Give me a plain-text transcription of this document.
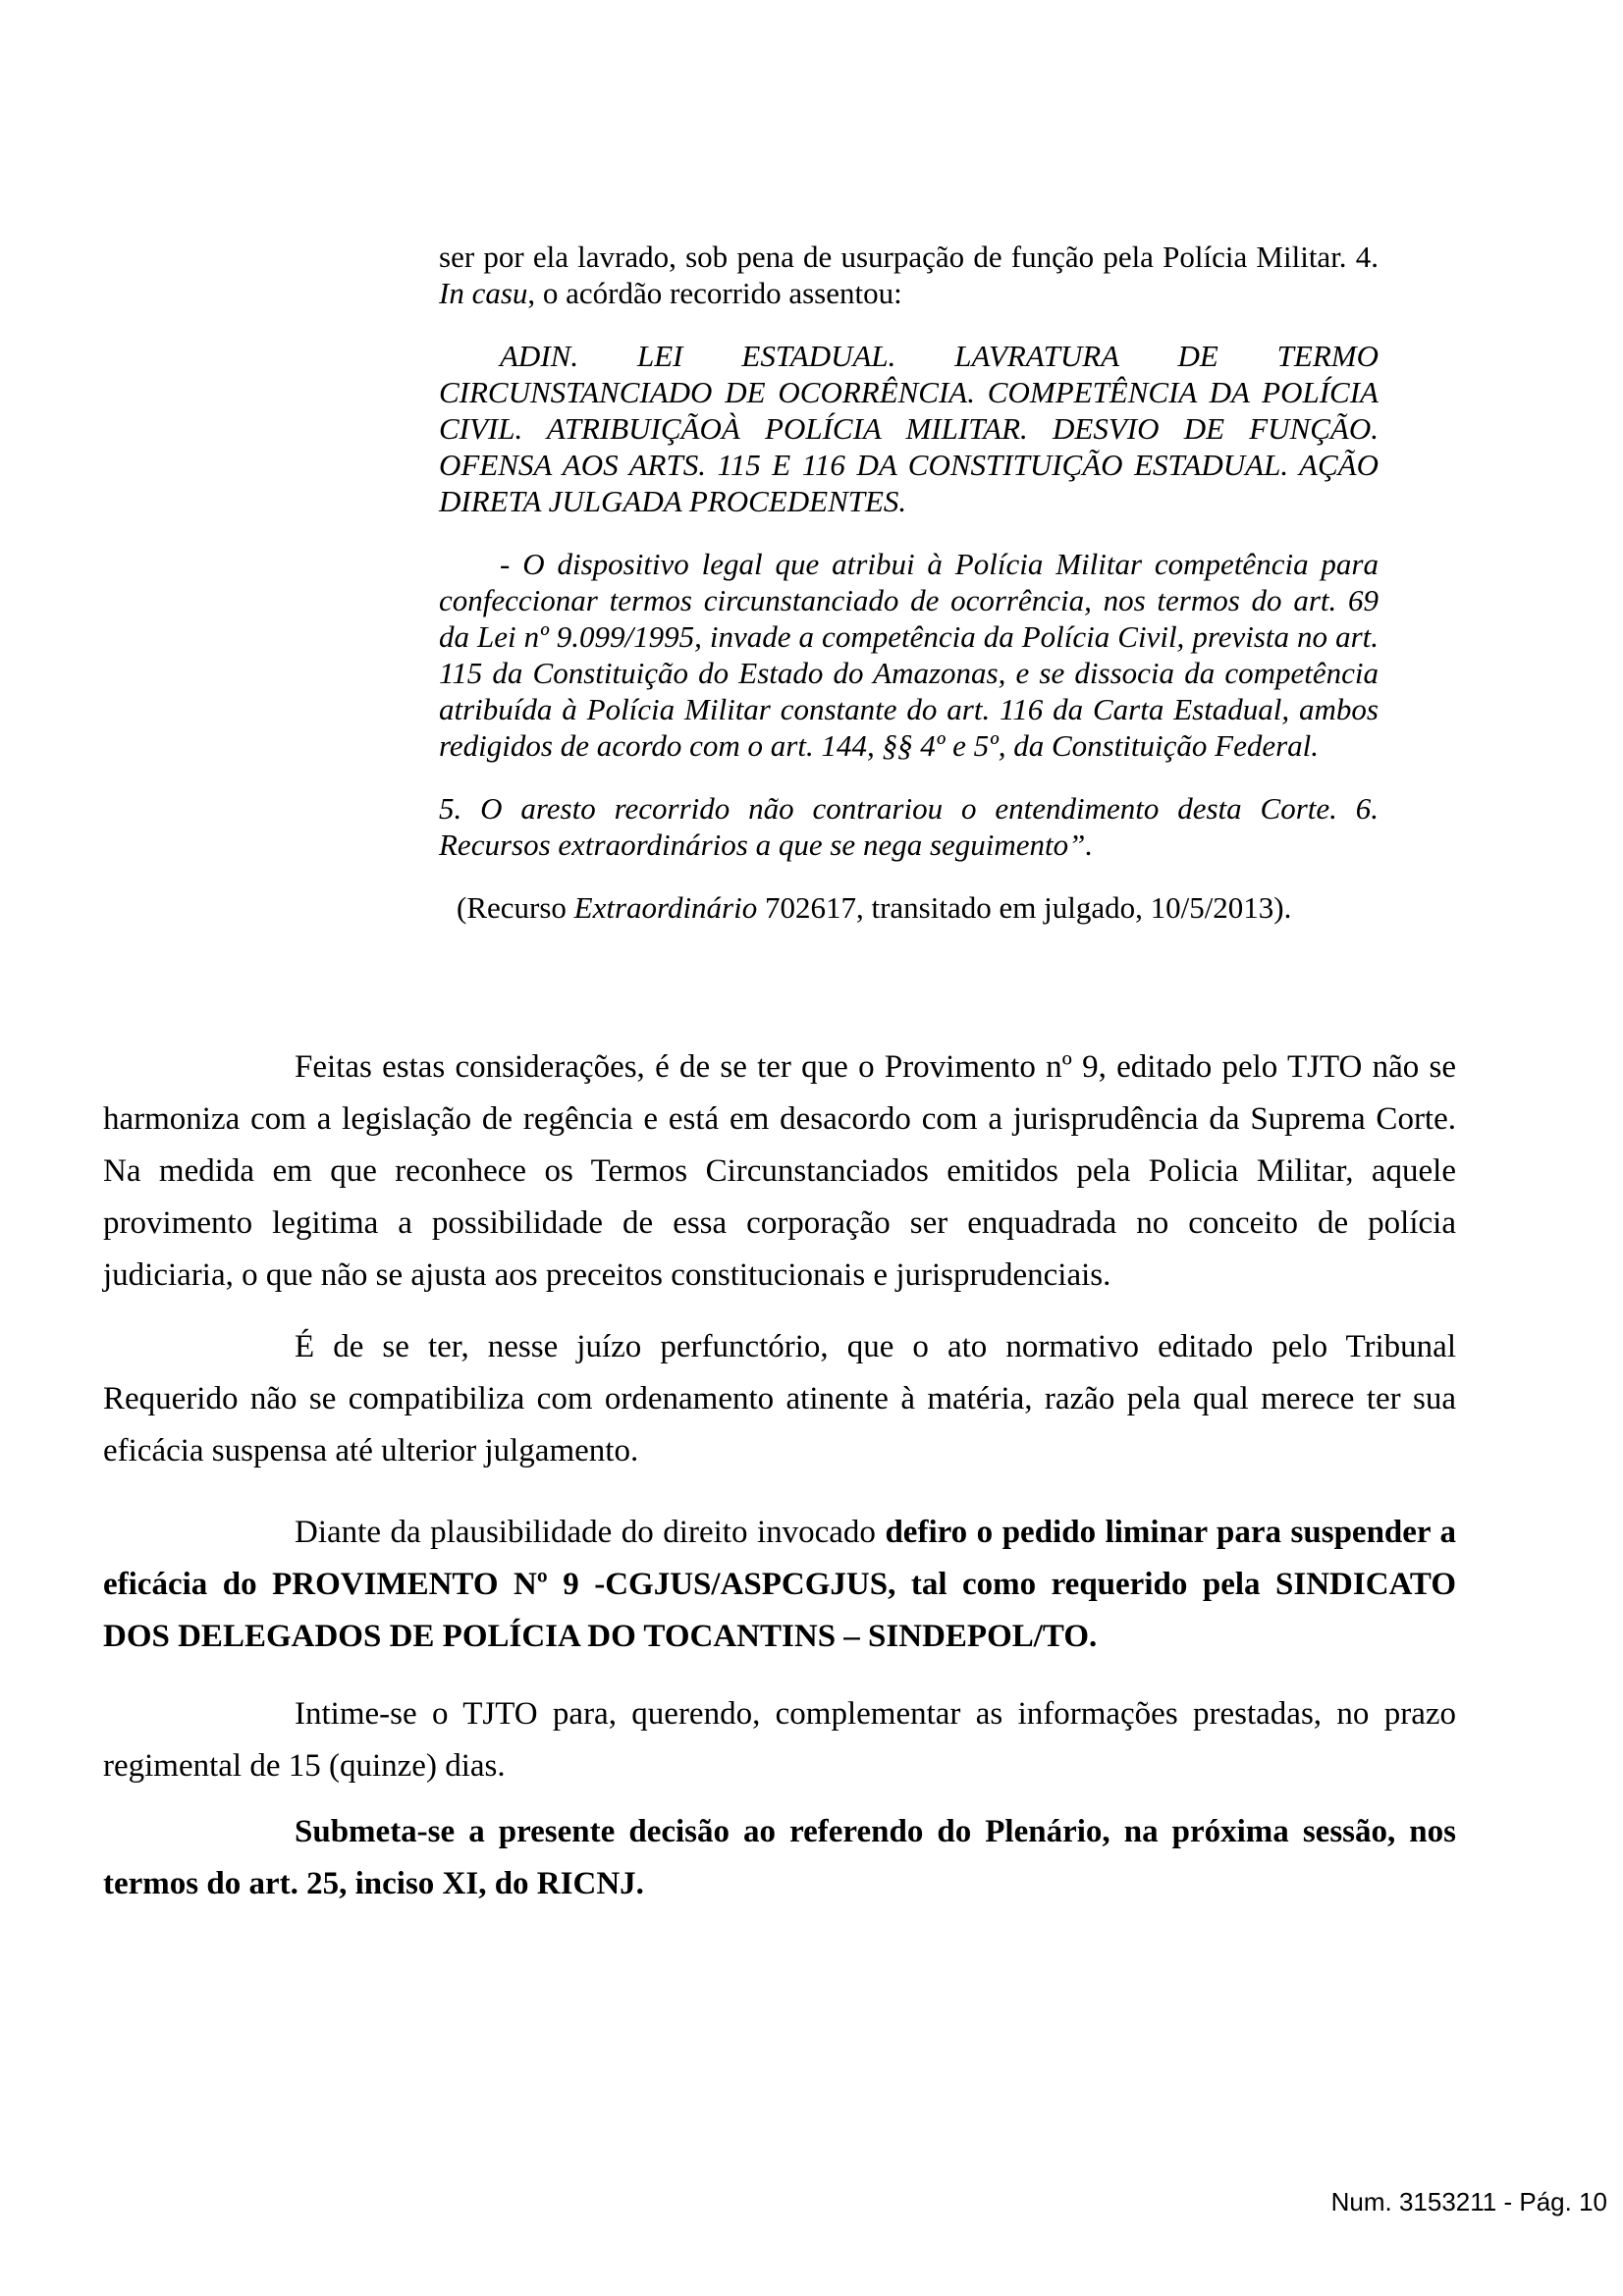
ser por ela lavrado, sob pena de usurpação de função pela Polícia Militar. 4. In casu, o acórdão recorrido assentou:

ADIN. LEI ESTADUAL. LAVRATURA DE TERMO CIRCUNSTANCIADO DE OCORRÊNCIA. COMPETÊNCIA DA POLÍCIA CIVIL. ATRIBUIÇÃOÀ POLÍCIA MILITAR. DESVIO DE FUNÇÃO. OFENSA AOS ARTS. 115 E 116 DA CONSTITUIÇÃO ESTADUAL. AÇÃO DIRETA JULGADA PROCEDENTES.

- O dispositivo legal que atribui à Polícia Militar competência para confeccionar termos circunstanciado de ocorrência, nos termos do art. 69 da Lei nº 9.099/1995, invade a competência da Polícia Civil, prevista no art. 115 da Constituição do Estado do Amazonas, e se dissocia da competência atribuída à Polícia Militar constante do art. 116 da Carta Estadual, ambos redigidos de acordo com o art. 144, §§ 4º e 5º, da Constituição Federal.

5. O aresto recorrido não contrariou o entendimento desta Corte. 6. Recursos extraordinários a que se nega seguimento”.

(Recurso Extraordinário 702617, transitado em julgado, 10/5/2013).

Feitas estas considerações, é de se ter que o Provimento nº 9, editado pelo TJTO não se harmoniza com a legislação de regência e está em desacordo com a jurisprudência da Suprema Corte. Na medida em que reconhece os Termos Circunstanciados emitidos pela Policia Militar, aquele provimento legitima a possibilidade de essa corporação ser enquadrada no conceito de polícia judiciaria, o que não se ajusta aos preceitos constitucionais e jurisprudenciais.

É de se ter, nesse juízo perfunctório, que o ato normativo editado pelo Tribunal Requerido não se compatibiliza com ordenamento atinente à matéria, razão pela qual merece ter sua eficácia suspensa até ulterior julgamento.

Diante da plausibilidade do direito invocado defiro o pedido liminar para suspender a eficácia do PROVIMENTO Nº 9 -CGJUS/ASPCGJUS, tal como requerido pela SINDICATO DOS DELEGADOS DE POLÍCIA DO TOCANTINS – SINDEPOL/TO.

Intime-se o TJTO para, querendo, complementar as informações prestadas, no prazo regimental de 15 (quinze) dias.

Submeta-se a presente decisão ao referendo do Plenário, na próxima sessão, nos termos do art. 25, inciso XI, do RICNJ.

Num. 3153211 - Pág. 10
